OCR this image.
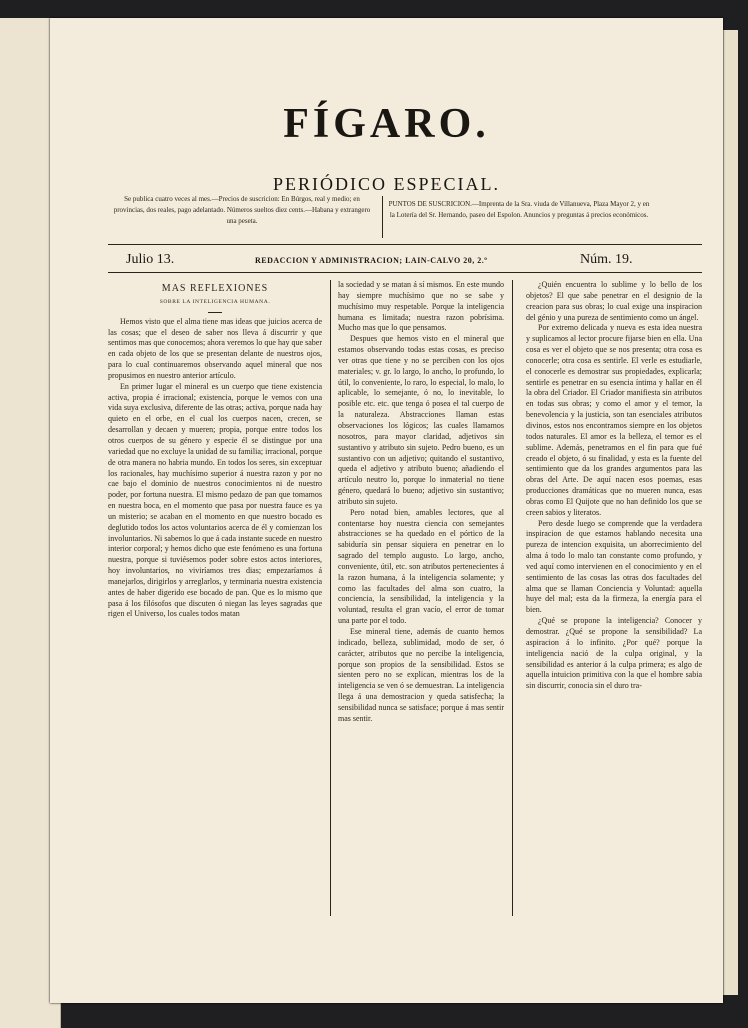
FÍGARO.
PERIÓDICO ESPECIAL.
Se publica cuatro veces al mes.—Precios de suscricion: En Búrgos, real y medio; en provincias, dos reales, pago adelantado. Números sueltos diez cents.—Habana y extrangero una peseta.
PUNTOS DE SUSCRICION.—Imprenta de la Sra. viuda de Villanueva, Plaza Mayor 2, y en la Lotería del Sr. Hernando, paseo del Espolon. Anuncios y preguntas á precios económicos.
Julio 13.	REDACCION Y ADMINISTRACION; LAIN-CALVO 20, 2.º	Núm. 19.

MAS REFLEXIONES

SOBRE LA INTELIGENCIA HUMANA.

Hemos visto que el alma tiene mas ideas que juicios acerca de las cosas; que el deseo de saber nos lleva á discurrir y que sentimos mas que conocemos; ahora veremos lo que hay que saber en cada objeto de los que se presentan delante de nuestros ojos, para lo cual continuaremos observando aquel mineral que nos propusimos en nuestro anterior artículo.

En primer lugar el mineral es un cuerpo que tiene existencia activa, propia é irracional; existencia, porque le vemos con una vida suya exclusiva, diferente de las otras; activa, porque nada hay quieto en el orbe, en el cual los cuerpos nacen, crecen, se desarrollan y decaen y mueren; propia, porque entre todos los otros cuerpos de su género y especie él se distingue por una variedad que no excluye la unidad de su familia; irracional, porque de otra manera no habria mundo. En todos los seres, sin exceptuar los racionales, hay muchísimo superior á nuestra razon y por no cae bajo el dominio de nuestros conocimientos ni de nuestro poder, por fortuna nuestra. El mismo pedazo de pan que tomamos en nuestra boca, en el momento que pasa por nuestra fauce es ya un misterio; se acaban en el momento en que nuestro bocado es deglutido todos los actos voluntarios acerca de él y comienzan los involuntarios. Ni sabemos lo que á cada instante sucede en nuestro interior corporal; y hemos dicho que este fenómeno es una fortuna nuestra, porque si tuviésemos poder sobre estos actos interiores, hoy involuntarios, no viviríamos tres dias; empezaríamos á manejarlos, dirigirlos y arreglarlos, y terminaria nuestra existencia antes de haber digerido ese bocado de pan. Que es lo mismo que pasa á los filósofos que discuten ó niegan las leyes sagradas que rigen el Universo, los cuales todos matan

la sociedad y se matan á sí mismos. En este mundo hay siempre muchísimo que no se sabe y muchísimo muy respetable. Porque la inteligencia humana es limitada; nuestra razon pobrísima. Mucho mas que lo que pensamos.

Despues que hemos visto en el mineral que estamos observando todas estas cosas, es preciso ver otras que tiene y no se perciben con los ojos materiales; v. gr. lo largo, lo ancho, lo profundo, lo útil, lo conveniente, lo raro, lo especial, lo malo, lo aplicable, lo semejante, ó no, lo inevitable, lo posible etc. etc. que tenga ó posea el tal cuerpo de la naturaleza. Abstracciones llaman estas observaciones los lógicos; las cuales llamamos nosotros, para mayor claridad, adjetivos sin sustantivo y atributo sin sujeto. Pedro bueno, es un sustantivo con un adjetivo; quitando el sustantivo, queda el adjetivo y atributo bueno; añadiendo el artículo neutro lo, porque lo inmaterial no tiene género, quedará lo bueno; adjetivo sin sustantivo; atributo sin sujeto.

Pero notad bien, amables lectores, que al contentarse hoy nuestra ciencia con semejantes abstracciones se ha quedado en el pórtico de la sabiduría sin pensar siquiera en penetrar en lo sagrado del templo augusto. Lo largo, ancho, conveniente, útil, etc. son atributos pertenecientes á la razon humana, á la inteligencia solamente; y como las facultades del alma son cuatro, la conciencia, la sensibilidad, la inteligencia y la voluntad, resulta el gran vacío, el error de tomar una parte por el todo.

Ese mineral tiene, además de cuanto hemos indicado, belleza, sublimidad, modo de ser, ó carácter, atributos que no percibe la inteligencia, porque son propios de la sensibilidad. Estos se sienten pero no se explican, mientras los de la inteligencia se ven ó se demuestran. La inteligencia llega á una demostracion y queda satisfecha; la sensibilidad nunca se satisface; porque á mas sentir mas sentir.

¿Quién encuentra lo sublime y lo bello de los objetos? El que sabe penetrar en el designio de la creacion para sus obras; lo cual exige una inspiracion del génio y una pureza de sentimiento como un ángel.

Por extremo delicada y nueva es esta idea nuestra y suplicamos al lector procure fijarse bien en ella. Una cosa es ver el objeto que se nos presenta; otra cosa es conocerle; otra cosa es sentirle. El verle es estudiarle, el conocerle es demostrar sus propiedades, explicarla; sentirle es penetrar en su esencia íntima y hallar en él la obra del Criador. El Criador manifiesta sin atributos en todas sus obras; y como el amor y el temor, la benevolencia y la justicia, son tan esenciales atributos divinos, estos nos encontramos siempre en los objetos todos naturales. El amor es la belleza, el temor es el sublime. Además, penetramos en el fin para que fué creado el objeto, ó su finalidad, y esta es la fuente del sentimiento que da los grandes argumentos para las obras del Arte. De aquí nacen esos poemas, esas producciones dramáticas que no mueren nunca, esas obras como El Quijote que no han definido los que se creen sabios y literatos.

Pero desde luego se comprende que la verdadera inspiracion de que estamos hablando necesita una pureza de intencion exquisita, un aborrecimiento del alma á todo lo malo tan constante como profundo, y ved aquí como intervienen en el conocimiento y en el sentimiento de las cosas las otras dos facultades del alma que se llaman Conciencia y Voluntad: aquella huye del mal; esta da la firmeza, la energía para el bien.

¿Qué se propone la inteligencia? Conocer y demostrar. ¿Qué se propone la sensibilidad? La aspiracion á lo infinito. ¿Por qué? porque la inteligencia nació de la culpa original, y la sensibilidad es anterior á la culpa primera; es algo de aquella intuicion primitiva con la que el hombre sabia sin discurrir, conocia sin el duro tra-
